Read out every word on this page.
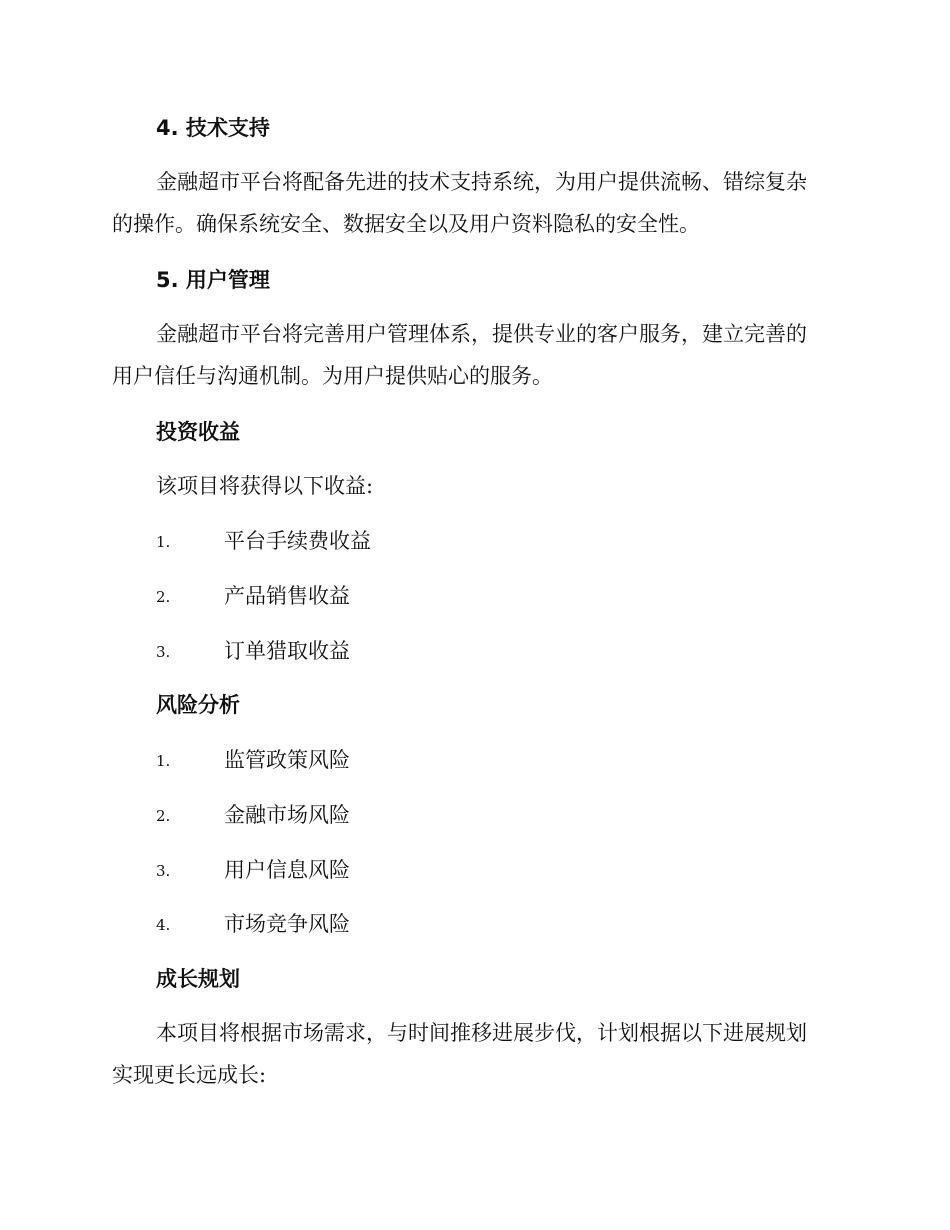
4. 技术支持

金融超市平台将配备先进的技术支持系统，为用户提供流畅、错综复杂
的操作。确保系统安全、数据安全以及用户资料隐私的安全性。

5. 用户管理

金融超市平台将完善用户管理体系，提供专业的客户服务，建立完善的
用户信任与沟通机制。为用户提供贴心的服务。

投资收益

该项目将获得以下收益:

1.	平台手续费收益
2.	产品销售收益
3.	订单猎取收益
风险分析
1.	监管政策风险
2.	金融市场风险
3.	用户信息风险
4.	市场竞争风险
成长规划

本项目将根据市场需求，与时间推移进展步伐，计划根据以下进展规划
实现更长远成长:
